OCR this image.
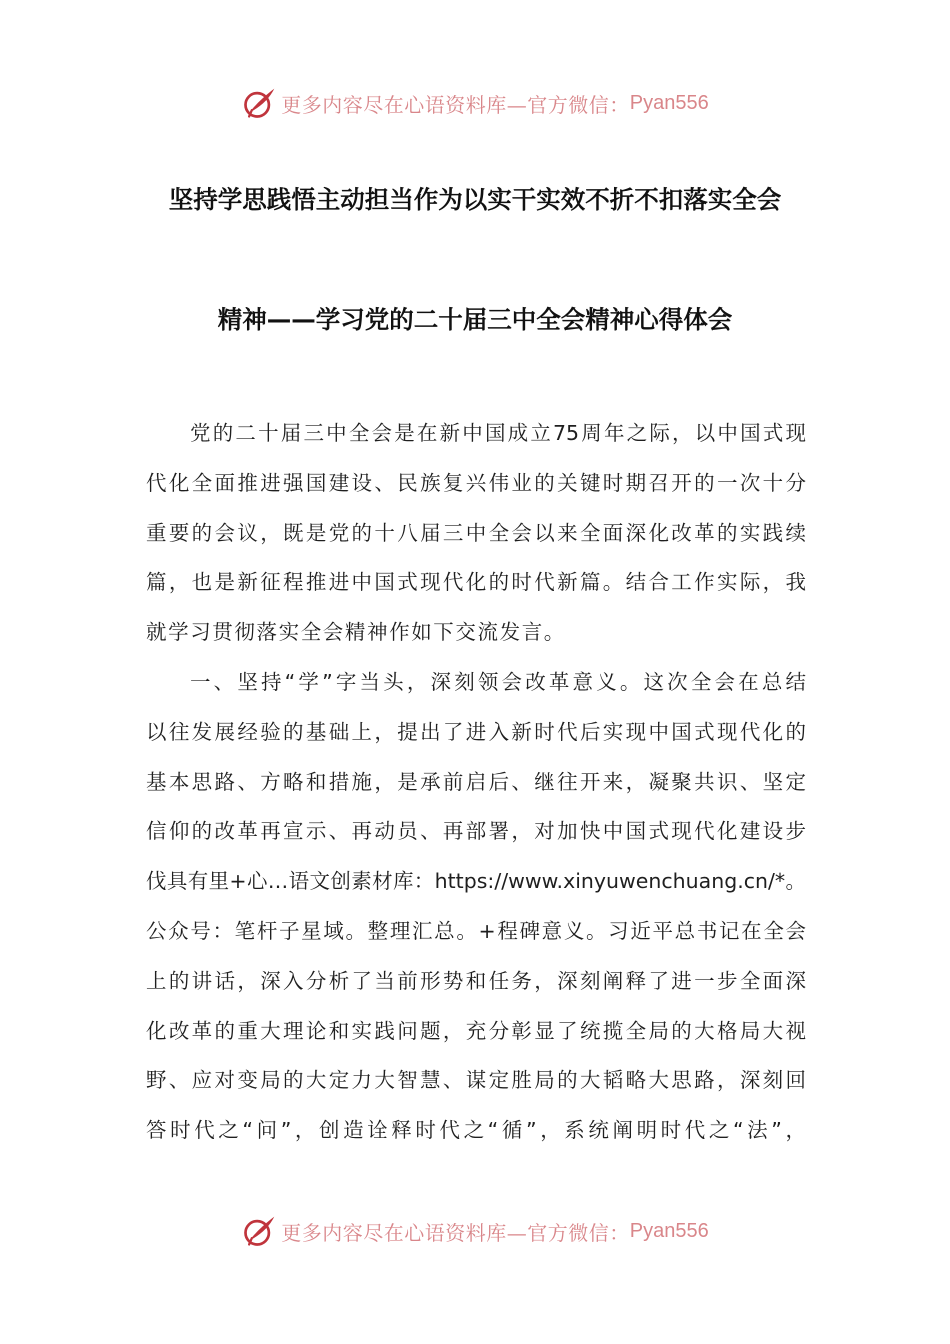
更多内容尽在心语资料库—官方微信： Pyan556
坚持学思践悟主动担当作为以实干实效不折不扣落实全会
精神——学习党的二十届三中全会精神心得体会
党的二十届三中全会是在新中国成立75周年之际，以中国式现
代化全面推进强国建设、民族复兴伟业的关键时期召开的一次十分
重要的会议，既是党的十八届三中全会以来全面深化改革的实践续
篇，也是新征程推进中国式现代化的时代新篇。结合工作实际，我
就学习贯彻落实全会精神作如下交流发言。
一、坚持“学”字当头，深刻领会改革意义。这次全会在总结
以往发展经验的基础上，提出了进入新时代后实现中国式现代化的
基本思路、方略和措施，是承前启后、继往开来，凝聚共识、坚定
信仰的改革再宣示、再动员、再部署，对加快中国式现代化建设步
伐具有里+心…语文创素材库：https://www.xinyuwenchuang.cn/*。
公众号：笔杆子星域。整理汇总。+程碑意义。习近平总书记在全会
上的讲话，深入分析了当前形势和任务，深刻阐释了进一步全面深
化改革的重大理论和实践问题，充分彰显了统揽全局的大格局大视
野、应对变局的大定力大智慧、谋定胜局的大韬略大思路，深刻回
答时代之“问”，创造诠释时代之“循”，系统阐明时代之“法”，
更多内容尽在心语资料库—官方微信： Pyan556
